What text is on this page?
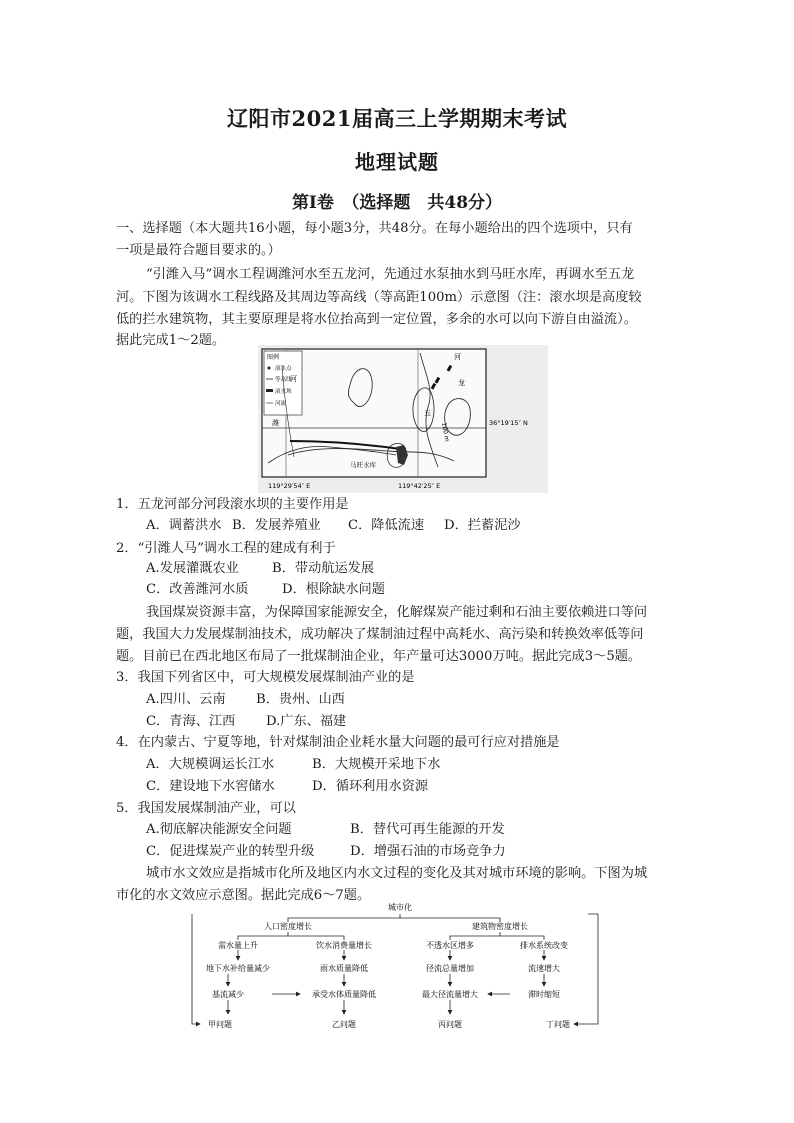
辽阳市2021届高三上学期期末考试
地理试题
第Ⅰ卷　（选择题　共48分）
一、选择题（本大题共16小题，每小题3分，共48分。在每小题给出的四个选项中，只有
一项是最符合题目要求的。）
“引潍入马”调水工程调潍河水至五龙河，先通过水泵抽水到马旺水库，再调水至五龙
河。下图为该调水工程线路及其周边等高线（等高距100m）示意图（注：滚水坝是高度较
低的拦水建筑物，其主要原理是将水位抬高到一定位置，多余的水可以向下游自由溢流）。
据此完成1～2题。
图例
滚水点
等高线
滚水坝
河流
河
潍
河
龙
五
100 m
马旺水库
36°19′15″ N
119°29′54″ E	119°42′25″ E
1．五龙河部分河段滚水坝的主要作用是
A．调蓄洪水 B．发展养殖业 C．降低流速 D．拦蓄泥沙
2．“引潍人马”调水工程的建成有利于
A.发展灌溉农业	B．带动航运发展
C．改善潍河水质	D．根除缺水问题
我国煤炭资源丰富，为保障国家能源安全，化解煤炭产能过剩和石油主要依赖进口等问
题，我国大力发展煤制油技术，成功解决了煤制油过程中高耗水、高污染和转换效率低等问
题。目前已在西北地区布局了一批煤制油企业，年产量可达3000万吨。据此完成3～5题。
3．我国下列省区中，可大规模发展煤制油产业的是
A.四川、云南 B．贵州、山西
C．青海、江西 D.广东、福建
4．在内蒙古、宁夏等地，针对煤制油企业耗水量大问题的最可行应对措施是
A．大规模调运长江水	B．大规模开采地下水
C．建设地下水窖储水	D．循环利用水资源
5．我国发展煤制油产业，可以
A.彻底解决能源安全问题	B．替代可再生能源的开发
C．促进煤炭产业的转型升级	D．增强石油的市场竞争力
城市水文效应是指城市化所及地区内水文过程的变化及其对城市环境的影响。下图为城
市化的水文效应示意图。据此完成6～7题。
城市化
人口密度增长	建筑物密度增长
需水量上升	饮水消费量增长	不透水区增多	排水系统改变
地下水补给量减少	雨水质量降低	径流总量增加	流速增大
基流减少	承受水体质量降低	最大径流量增大	滞时缩短
甲问题	乙问题	丙问题	丁问题
